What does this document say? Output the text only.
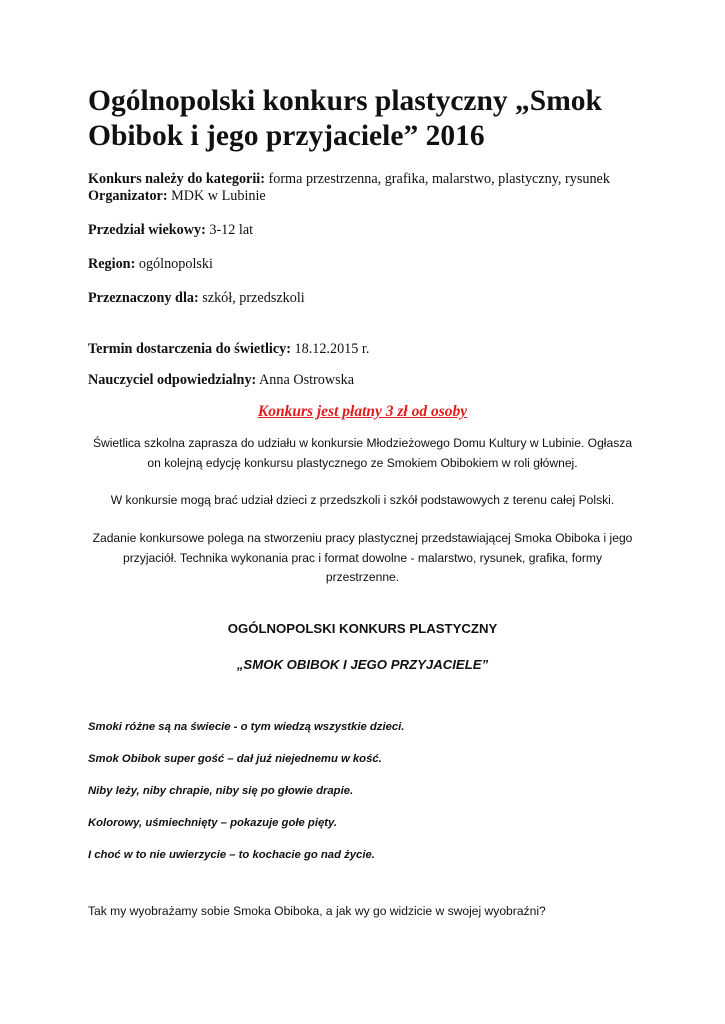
Ogólnopolski konkurs plastyczny „Smok Obibok i jego przyjaciele” 2016
Konkurs należy do kategorii: forma przestrzenna, grafika, malarstwo, plastyczny, rysunek
Organizator: MDK w Lubinie
Przedział wiekowy: 3-12 lat
Region: ogólnopolski
Przeznaczony dla: szkół, przedszkoli
Termin dostarczenia do świetlicy: 18.12.2015 r.
Nauczyciel odpowiedzialny: Anna Ostrowska
Konkurs jest płatny 3 zł od osoby
Świetlica szkolna zaprasza do udziału w konkursie Młodzieżowego Domu Kultury w Lubinie. Ogłasza on kolejną edycję konkursu plastycznego ze Smokiem Obibokiem w roli głównej.
W konkursie mogą brać udział dzieci z przedszkoli i szkół podstawowych z terenu całej Polski.
Zadanie konkursowe polega na stworzeniu pracy plastycznej przedstawiającej Smoka Obiboka i jego przyjaciół. Technika wykonania prac i format dowolne - malarstwo, rysunek, grafika, formy przestrzenne.
OGÓLNOPOLSKI KONKURS PLASTYCZNY
„SMOK OBIBOK I JEGO PRZYJACIELE”
Smoki różne są na świecie - o tym wiedzą wszystkie dzieci.
Smok Obibok super gość – dał już niejednemu w kość.
Niby leży, niby chrapie, niby się po głowie drapie.
Kolorowy, uśmiechnięty – pokazuje gołe pięty.
I choć w to nie uwierzycie – to kochacie go nad życie.
Tak my wyobrażamy sobie Smoka Obiboka, a jak wy go widzicie w swojej wyobraźni?
